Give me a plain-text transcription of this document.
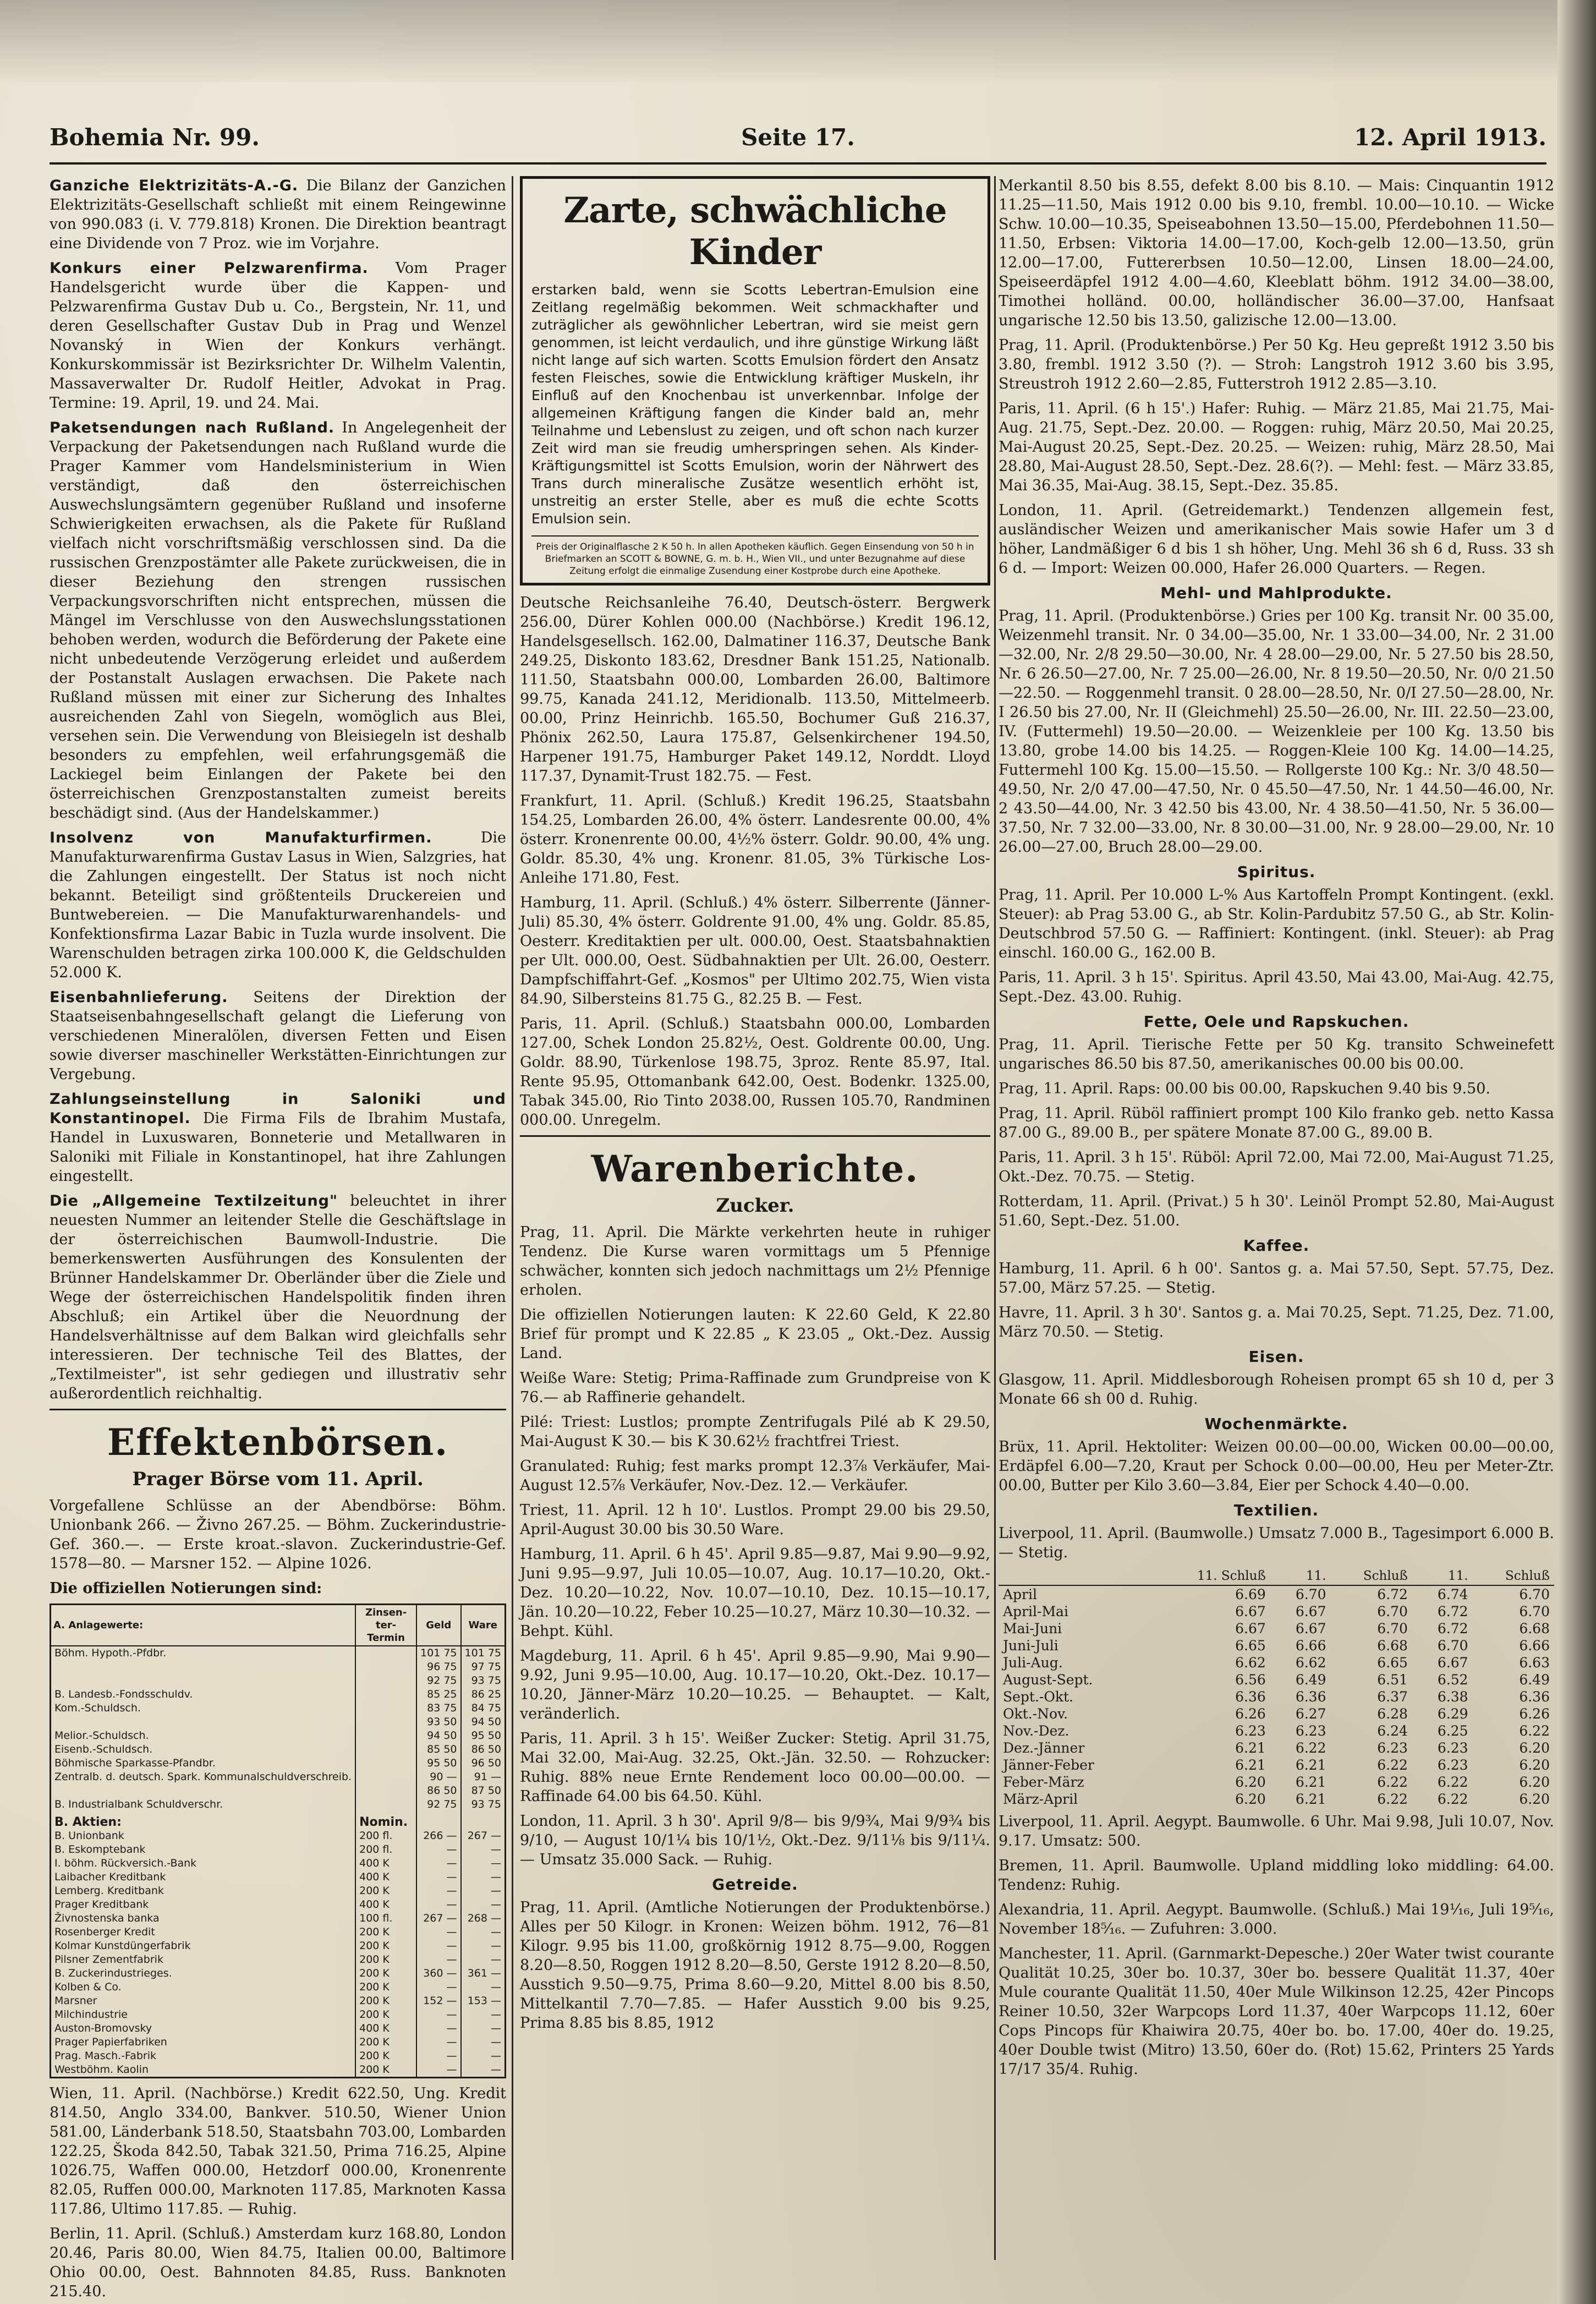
Bohemia Nr. 99.	Seite 17.	12. April 1913.

Ganziche Elektrizitäts-A.-G. Die Bilanz der Ganzichen Elektrizitäts-Gesellschaft schließt mit einem Reingewinne von 990.083 (i. V. 779.818) Kronen. Die Direktion beantragt eine Dividende von 7 Proz. wie im Vorjahre.

Konkurs einer Pelzwarenfirma. Vom Prager Handelsgericht wurde über die Kappen- und Pelzwarenfirma Gustav Dub u. Co., Bergstein, Nr. 11, und deren Gesellschafter Gustav Dub in Prag und Wenzel Novanský in Wien der Konkurs verhängt. Konkurskommissär ist Bezirksrichter Dr. Wilhelm Valentin, Massaverwalter Dr. Rudolf Heitler, Advokat in Prag. Termine: 19. April, 19. und 24. Mai.

Paketsendungen nach Rußland. In Angelegenheit der Verpackung der Paketsendungen nach Rußland wurde die Prager Kammer vom Handelsministerium in Wien verständigt, daß den österreichischen Auswechslungsämtern gegenüber Rußland und insoferne Schwierigkeiten erwachsen, als die Pakete für Rußland vielfach nicht vorschriftsmäßig verschlossen sind. Da die russischen Grenzpostämter alle Pakete zurückweisen, die in dieser Beziehung den strengen russischen Verpackungsvorschriften nicht entsprechen, müssen die Mängel im Verschlusse von den Auswechslungsstationen behoben werden, wodurch die Beförderung der Pakete eine nicht unbedeutende Verzögerung erleidet und außerdem der Postanstalt Auslagen erwachsen. Die Pakete nach Rußland müssen mit einer zur Sicherung des Inhaltes ausreichenden Zahl von Siegeln, womöglich aus Blei, versehen sein. Die Verwendung von Bleisiegeln ist deshalb besonders zu empfehlen, weil erfahrungsgemäß die Lackiegel beim Einlangen der Pakete bei den österreichischen Grenzpostanstalten zumeist bereits beschädigt sind. (Aus der Handelskammer.)

Insolvenz von Manufakturfirmen.	Die Manufakturwarenfirma Gustav Lasus in Wien, Salzgries, hat die Zahlungen eingestellt. Der Status ist noch nicht bekannt. Beteiligt sind größtenteils Druckereien und Buntwebereien. — Die Manufakturwarenhandels- und Konfektionsfirma Lazar Babic in Tuzla wurde insolvent. Die Warenschulden betragen zirka 100.000 K, die Geldschulden 52.000 K.

Eisenbahnlieferung. Seitens der Direktion der Staatseisenbahngesellschaft gelangt die Lieferung von verschiedenen Mineralölen, diversen Fetten und Eisen sowie diverser maschineller Werkstätten-Einrichtungen zur Vergebung.

Zahlungseinstellung in Saloniki und Konstantinopel. Die Firma Fils de Ibrahim Mustafa, Handel in Luxuswaren, Bonneterie und Metallwaren in Saloniki mit Filiale in Konstantinopel, hat ihre Zahlungen eingestellt.

Die „Allgemeine Textilzeitung" beleuchtet in ihrer neuesten Nummer an leitender Stelle die Geschäftslage in der österreichischen Baumwoll-Industrie. Die bemerkenswerten Ausführungen des Konsulenten der Brünner Handelskammer Dr. Oberländer über die Ziele und Wege der österreichischen Handelspolitik finden ihren Abschluß; ein Artikel über die Neuordnung der Handelsverhältnisse auf dem Balkan wird gleichfalls sehr interessieren. Der technische Teil des Blattes, der „Textilmeister", ist sehr gediegen und illustrativ sehr außerordentlich reichhaltig.

Effektenbörsen.
Prager Börse vom 11. April.

Vorgefallene Schlüsse an der Abendbörse: Böhm. Unionbank 266. — Živno 267.25. — Böhm. Zuckerindustrie-Gef. 360.—. — Erste kroat.-slavon. Zuckerindustrie-Gef. 1578—80. — Marsner 152. — Alpine 1026.

Die offiziellen Notierungen sind:

A. Anlagewerte:	Zinsen-ter-Termin	Geld	Ware
Böhm. Hypoth.-Pfdbr.		101 75	101 75
		96 75	97 75
		92 75	93 75
B. Landesb.-Fondsschuldv.		85 25	86 25
Kom.-Schuldsch.		83 75	84 75
		93 50	94 50
Melior.-Schuldsch.		94 50	95 50
Eisenb.-Schuldsch.		85 50	86 50
Böhmische Sparkasse-Pfandbr.		95 50	96 50
Zentralb. d. deutsch. Spark. Kommunalschuldverschreib.		90 —	91 —
		86 50	87 50
B. Industrialbank Schuldverschr.		92 75	93 75
B. Aktien:	Nomin.		
B. Unionbank	200 fl.	266 —	267 —
B. Eskomptebank	200 fl.	—	—
I. böhm. Rückversich.-Bank	400 K	—	—
Laibacher Kreditbank	400 K	—	—
Lemberg. Kreditbank	200 K	—	—
Prager Kreditbank	400 K	—	—
Živnostenska banka	100 fl.	267 —	268 —
Rosenberger Kredit	200 K	—	—
Kolmar Kunstdüngerfabrik	200 K	—	—
Pilsner Zementfabrik	200 K	—	—
B. Zuckerindustrieges.	200 K	360 —	361 —
Kolben & Co.	200 K	—	—
Marsner	200 K	152 —	153 —
Milchindustrie	200 K	—	—
Auston-Bromovsky	400 K	—	—
Prager Papierfabriken	200 K	—	—
Prag. Masch.-Fabrik	200 K	—	—
Westböhm. Kaolin	200 K	—	—

Wien, 11. April. (Nachbörse.) Kredit 622.50, Ung. Kredit 814.50, Anglo 334.00, Bankver. 510.50, Wiener Union 581.00, Länderbank 518.50, Staatsbahn 703.00, Lombarden 122.25, Škoda 842.50, Tabak 321.50, Prima 716.25, Alpine 1026.75, Waffen 000.00, Hetzdorf 000.00, Kronenrente 82.05, Ruffen 000.00, Marknoten 117.85, Marknoten Kassa 117.86, Ultimo 117.85. — Ruhig.

Berlin, 11. April. (Schluß.) Amsterdam kurz 168.80, London 20.46, Paris 80.00, Wien 84.75, Italien 00.00, Baltimore Ohio 00.00, Oest. Bahnnoten 84.85, Russ. Banknoten 215.40.

Zarte, schwächliche Kinder
erstarken bald, wenn sie Scotts Lebertran-Emulsion eine Zeitlang regelmäßig bekommen. Weit schmackhafter und zuträglicher als gewöhnlicher Lebertran, wird sie meist gern genommen, ist leicht verdaulich, und ihre günstige Wirkung läßt nicht lange auf sich warten. Scotts Emulsion fördert den Ansatz festen Fleisches, sowie die Entwicklung kräftiger Muskeln, ihr Einfluß auf den Knochenbau ist unverkennbar. Infolge der allgemeinen Kräftigung fangen die Kinder bald an, mehr Teilnahme und Lebenslust zu zeigen, und oft schon nach kurzer Zeit wird man sie freudig umherspringen sehen. Als Kinder-Kräftigungsmittel ist Scotts Emulsion, worin der Nährwert des Trans durch mineralische Zusätze wesentlich erhöht ist, unstreitig an erster Stelle, aber es muß die echte Scotts Emulsion sein.
Preis der Originalflasche 2 K 50 h. In allen Apotheken käuflich. Gegen Einsendung von 50 h in Briefmarken an SCOTT & BOWNE, G. m. b. H., Wien VII., und unter Bezugnahme auf diese Zeitung erfolgt die einmalige Zusendung einer Kostprobe durch eine Apotheke.

Deutsche Reichsanleihe 76.40, Deutsch-österr. Bergwerk 256.00, Dürer Kohlen 000.00 (Nachbörse.) Kredit 196.12, Handelsgesellsch. 162.00, Dalmatiner 116.37, Deutsche Bank 249.25, Diskonto 183.62, Dresdner Bank 151.25, Nationalb. 111.50, Staatsbahn 000.00, Lombarden 26.00, Baltimore 99.75, Kanada 241.12, Meridionalb. 113.50, Mittelmeerb. 00.00, Prinz Heinrichb. 165.50, Bochumer Guß 216.37, Phönix 262.50, Laura 175.87, Gelsenkirchener 194.50, Harpener 191.75, Hamburger Paket 149.12, Norddt. Lloyd 117.37, Dynamit-Trust 182.75. — Fest.

Frankfurt, 11. April. (Schluß.) Kredit 196.25, Staatsbahn 154.25, Lombarden 26.00, 4% österr. Landesrente 00.00, 4% österr. Kronenrente 00.00, 4½% österr. Goldr. 90.00, 4% ung. Goldr. 85.30, 4% ung. Kronenr. 81.05, 3% Türkische Los-Anleihe 171.80, Fest.

Hamburg, 11. April. (Schluß.) 4% österr. Silberrente (Jänner-Juli) 85.30, 4% österr. Goldrente 91.00, 4% ung. Goldr. 85.85, Oesterr. Kreditaktien per ult. 000.00, Oest. Staatsbahnaktien per Ult. 000.00, Oest. Südbahnaktien per Ult. 26.00, Oesterr. Dampfschiffahrt-Gef. „Kosmos" per Ultimo 202.75, Wien vista 84.90, Silbersteins 81.75 G., 82.25 B. — Fest.

Paris, 11. April. (Schluß.) Staatsbahn 000.00, Lombarden 127.00, Schek London 25.82½, Oest. Goldrente 00.00, Ung. Goldr. 88.90, Türkenlose 198.75, 3proz. Rente 85.97, Ital. Rente 95.95, Ottomanbank 642.00, Oest. Bodenkr. 1325.00, Tabak 345.00, Rio Tinto 2038.00, Russen 105.70, Randminen 000.00. Unregelm.

Warenberichte.
Zucker.

Prag, 11. April. Die Märkte verkehrten heute in ruhiger Tendenz. Die Kurse waren vormittags um 5 Pfennige schwächer, konnten sich jedoch nachmittags um 2½ Pfennige erholen.

Die offiziellen Notierungen lauten: K 22.60 Geld, K 22.80 Brief für prompt und K 22.85 „ K 23.05 „ Okt.-Dez. Aussig Land.

Weiße Ware: Stetig; Prima-Raffinade zum Grundpreise von K 76.— ab Raffinerie gehandelt.

Pilé: Triest: Lustlos; prompte Zentrifugals Pilé ab K 29.50, Mai-August K 30.— bis K 30.62½ frachtfrei Triest.

Granulated: Ruhig; fest marks prompt 12.3⅞ Verkäufer, Mai-August 12.5⅞ Verkäufer, Nov.-Dez. 12.— Verkäufer.

Triest, 11. April. 12 h 10'. Lustlos. Prompt 29.00 bis 29.50, April-August 30.00 bis 30.50 Ware.

Hamburg, 11. April. 6 h 45'. April 9.85—9.87, Mai 9.90—9.92, Juni 9.95—9.97, Juli 10.05—10.07, Aug. 10.17—10.20, Okt.-Dez. 10.20—10.22, Nov. 10.07—10.10, Dez. 10.15—10.17, Jän. 10.20—10.22, Feber 10.25—10.27, März 10.30—10.32. — Behpt. Kühl.

Magdeburg, 11. April. 6 h 45'. April 9.85—9.90, Mai 9.90—9.92, Juni 9.95—10.00, Aug. 10.17—10.20, Okt.-Dez. 10.17—10.20, Jänner-März 10.20—10.25. — Behauptet. — Kalt, veränderlich.

Paris, 11. April. 3 h 15'. Weißer Zucker: Stetig. April 31.75, Mai 32.00, Mai-Aug. 32.25, Okt.-Jän. 32.50. — Rohzucker: Ruhig. 88% neue Ernte Rendement loco 00.00—00.00. — Raffinade 64.00 bis 64.50. Kühl.

London, 11. April. 3 h 30'. April 9/8— bis 9/9¾, Mai 9/9¾ bis 9/10, — August 10/1¼ bis 10/1½, Okt.-Dez. 9/11⅛ bis 9/11¼. — Umsatz 35.000 Sack. — Ruhig.

Getreide.

Prag, 11. April. (Amtliche Notierungen der Produktenbörse.) Alles per 50 Kilogr. in Kronen: Weizen böhm. 1912, 76—81 Kilogr. 9.95 bis 11.00, großkörnig 1912 8.75—9.00, Roggen 8.20—8.50, Roggen 1912 8.20—8.50, Gerste 1912 8.20—8.50, Ausstich 9.50—9.75, Prima 8.60—9.20, Mittel 8.00 bis 8.50, Mittelkantil 7.70—7.85. — Hafer Ausstich 9.00 bis 9.25, Prima 8.85 bis 8.85, 1912

Merkantil 8.50 bis 8.55, defekt 8.00 bis 8.10. — Mais: Cinquantin 1912 11.25—11.50, Mais 1912 0.00 bis 9.10, frembl. 10.00—10.10. — Wicke Schw. 10.00—10.35, Speiseabohnen 13.50—15.00, Pferdebohnen 11.50—11.50, Erbsen: Viktoria 14.00—17.00, Koch-gelb 12.00—13.50, grün 12.00—17.00, Futtererbsen 10.50—12.00, Linsen 18.00—24.00, Speiseerdäpfel 1912 4.00—4.60, Kleeblatt böhm. 1912 34.00—38.00, Timothei holländ. 00.00, holländischer 36.00—37.00, Hanfsaat ungarische 12.50 bis 13.50, galizische 12.00—13.00.

Prag, 11. April. (Produktenbörse.) Per 50 Kg. Heu gepreßt 1912 3.50 bis 3.80, frembl. 1912 3.50 (?). — Stroh: Langstroh 1912 3.60 bis 3.95, Streustroh 1912 2.60—2.85, Futterstroh 1912 2.85—3.10.

Paris, 11. April. (6 h 15'.) Hafer: Ruhig. — März 21.85, Mai 21.75, Mai-Aug. 21.75, Sept.-Dez. 20.00. — Roggen: ruhig, März 20.50, Mai 20.25, Mai-August 20.25, Sept.-Dez. 20.25. — Weizen: ruhig, März 28.50, Mai 28.80, Mai-August 28.50, Sept.-Dez. 28.6(?). — Mehl: fest. — März 33.85, Mai 36.35, Mai-Aug. 38.15, Sept.-Dez. 35.85.

London, 11. April. (Getreidemarkt.) Tendenzen allgemein fest, ausländischer Weizen und amerikanischer Mais sowie Hafer um 3 d höher, Landmäßiger 6 d bis 1 sh höher, Ung. Mehl 36 sh 6 d, Russ. 33 sh 6 d. — Import: Weizen 00.000, Hafer 26.000 Quarters. — Regen.

Mehl- und Mahlprodukte.

Prag, 11. April. (Produktenbörse.) Gries per 100 Kg. transit Nr. 00 35.00, Weizenmehl transit. Nr. 0 34.00—35.00, Nr. 1 33.00—34.00, Nr. 2 31.00—32.00, Nr. 2/8 29.50—30.00, Nr. 4 28.00—29.00, Nr. 5 27.50 bis 28.50, Nr. 6 26.50—27.00, Nr. 7 25.00—26.00, Nr. 8 19.50—20.50, Nr. 0/0 21.50—22.50. — Roggenmehl transit. 0 28.00—28.50, Nr. 0/I 27.50—28.00, Nr. I 26.50 bis 27.00, Nr. II (Gleichmehl) 25.50—26.00, Nr. III. 22.50—23.00, IV. (Futtermehl) 19.50—20.00. — Weizenkleie per 100 Kg. 13.50 bis 13.80, grobe 14.00 bis 14.25. — Roggen-Kleie 100 Kg. 14.00—14.25, Futtermehl 100 Kg. 15.00—15.50. — Rollgerste 100 Kg.: Nr. 3/0 48.50—49.50, Nr. 2/0 47.00—47.50, Nr. 0 45.50—47.50, Nr. 1 44.50—46.00, Nr. 2 43.50—44.00, Nr. 3 42.50 bis 43.00, Nr. 4 38.50—41.50, Nr. 5 36.00—37.50, Nr. 7 32.00—33.00, Nr. 8 30.00—31.00, Nr. 9 28.00—29.00, Nr. 10 26.00—27.00, Bruch 28.00—29.00.

Spiritus.

Prag, 11. April. Per 10.000 L-% Aus Kartoffeln Prompt Kontingent. (exkl. Steuer): ab Prag 53.00 G., ab Str. Kolin-Pardubitz 57.50 G., ab Str. Kolin-Deutschbrod 57.50 G. — Raffiniert: Kontingent. (inkl. Steuer): ab Prag einschl. 160.00 G., 162.00 B.

Paris, 11. April. 3 h 15'. Spiritus. April 43.50, Mai 43.00, Mai-Aug. 42.75, Sept.-Dez. 43.00. Ruhig.

Fette, Oele und Rapskuchen.

Prag, 11. April. Tierische Fette per 50 Kg. transito Schweinefett ungarisches 86.50 bis 87.50, amerikanisches 00.00 bis 00.00.

Prag, 11. April. Raps: 00.00 bis 00.00, Rapskuchen 9.40 bis 9.50.

Prag, 11. April. Rüböl raffiniert prompt 100 Kilo franko geb. netto Kassa 87.00 G., 89.00 B., per spätere Monate 87.00 G., 89.00 B.

Paris, 11. April. 3 h 15'. Rüböl: April 72.00, Mai 72.00, Mai-August 71.25, Okt.-Dez. 70.75. — Stetig.

Rotterdam, 11. April. (Privat.) 5 h 30'. Leinöl Prompt 52.80, Mai-August 51.60, Sept.-Dez. 51.00.

Kaffee.

Hamburg, 11. April. 6 h 00'. Santos g. a. Mai 57.50, Sept. 57.75, Dez. 57.00, März 57.25. — Stetig.

Havre, 11. April. 3 h 30'. Santos g. a. Mai 70.25, Sept. 71.25, Dez. 71.00, März 70.50. — Stetig.

Eisen.

Glasgow, 11. April. Middlesborough Roheisen prompt 65 sh 10 d, per 3 Monate 66 sh 00 d. Ruhig.

Wochenmärkte.

Brüx, 11. April. Hektoliter: Weizen 00.00—00.00, Wicken 00.00—00.00, Erdäpfel 6.00—7.20, Kraut per Schock 0.00—00.00, Heu per Meter-Ztr. 00.00, Butter per Kilo 3.60—3.84, Eier per Schock 4.40—0.00.

Textilien.

Liverpool, 11. April. (Baumwolle.) Umsatz 7.000 B., Tagesimport 6.000 B. — Stetig.

	11. Schluß	11.	Schluß	11.	Schluß
April	6.69	6.70	6.72	6.74	6.70
April-Mai	6.67	6.67	6.70	6.72	6.70
Mai-Juni	6.67	6.67	6.70	6.72	6.68
Juni-Juli	6.65	6.66	6.68	6.70	6.66
Juli-Aug.	6.62	6.62	6.65	6.67	6.63
August-Sept.	6.56	6.49	6.51	6.52	6.49
Sept.-Okt.	6.36	6.36	6.37	6.38	6.36
Okt.-Nov.	6.26	6.27	6.28	6.29	6.26
Nov.-Dez.	6.23	6.23	6.24	6.25	6.22
Dez.-Jänner	6.21	6.22	6.23	6.23	6.20
Jänner-Feber	6.21	6.21	6.22	6.23	6.20
Feber-März	6.20	6.21	6.22	6.22	6.20
März-April	6.20	6.21	6.22	6.22	6.20

Liverpool, 11. April. Aegypt. Baumwolle. 6 Uhr. Mai 9.98, Juli 10.07, Nov. 9.17. Umsatz: 500.

Bremen, 11. April. Baumwolle. Upland middling loko middling: 64.00. Tendenz: Ruhig.

Alexandria, 11. April. Aegypt. Baumwolle. (Schluß.) Mai 19¹⁄₁₆, Juli 19⁵⁄₁₆, November 18⁵⁄₁₆. — Zufuhren: 3.000.

Manchester, 11. April. (Garnmarkt-Depesche.) 20er Water twist courante Qualität 10.25, 30er bo. 10.37, 30er bo. bessere Qualität 11.37, 40er Mule courante Qualität 11.50, 40er Mule Wilkinson 12.25, 42er Pincops Reiner 10.50, 32er Warpcops Lord 11.37, 40er Warpcops 11.12, 60er Cops Pincops für Khaiwira 20.75, 40er bo. bo. 17.00, 40er do. 19.25, 40er Double twist (Mitro) 13.50, 60er do. (Rot) 15.62, Printers 25 Yards 17/17 35/4. Ruhig.
